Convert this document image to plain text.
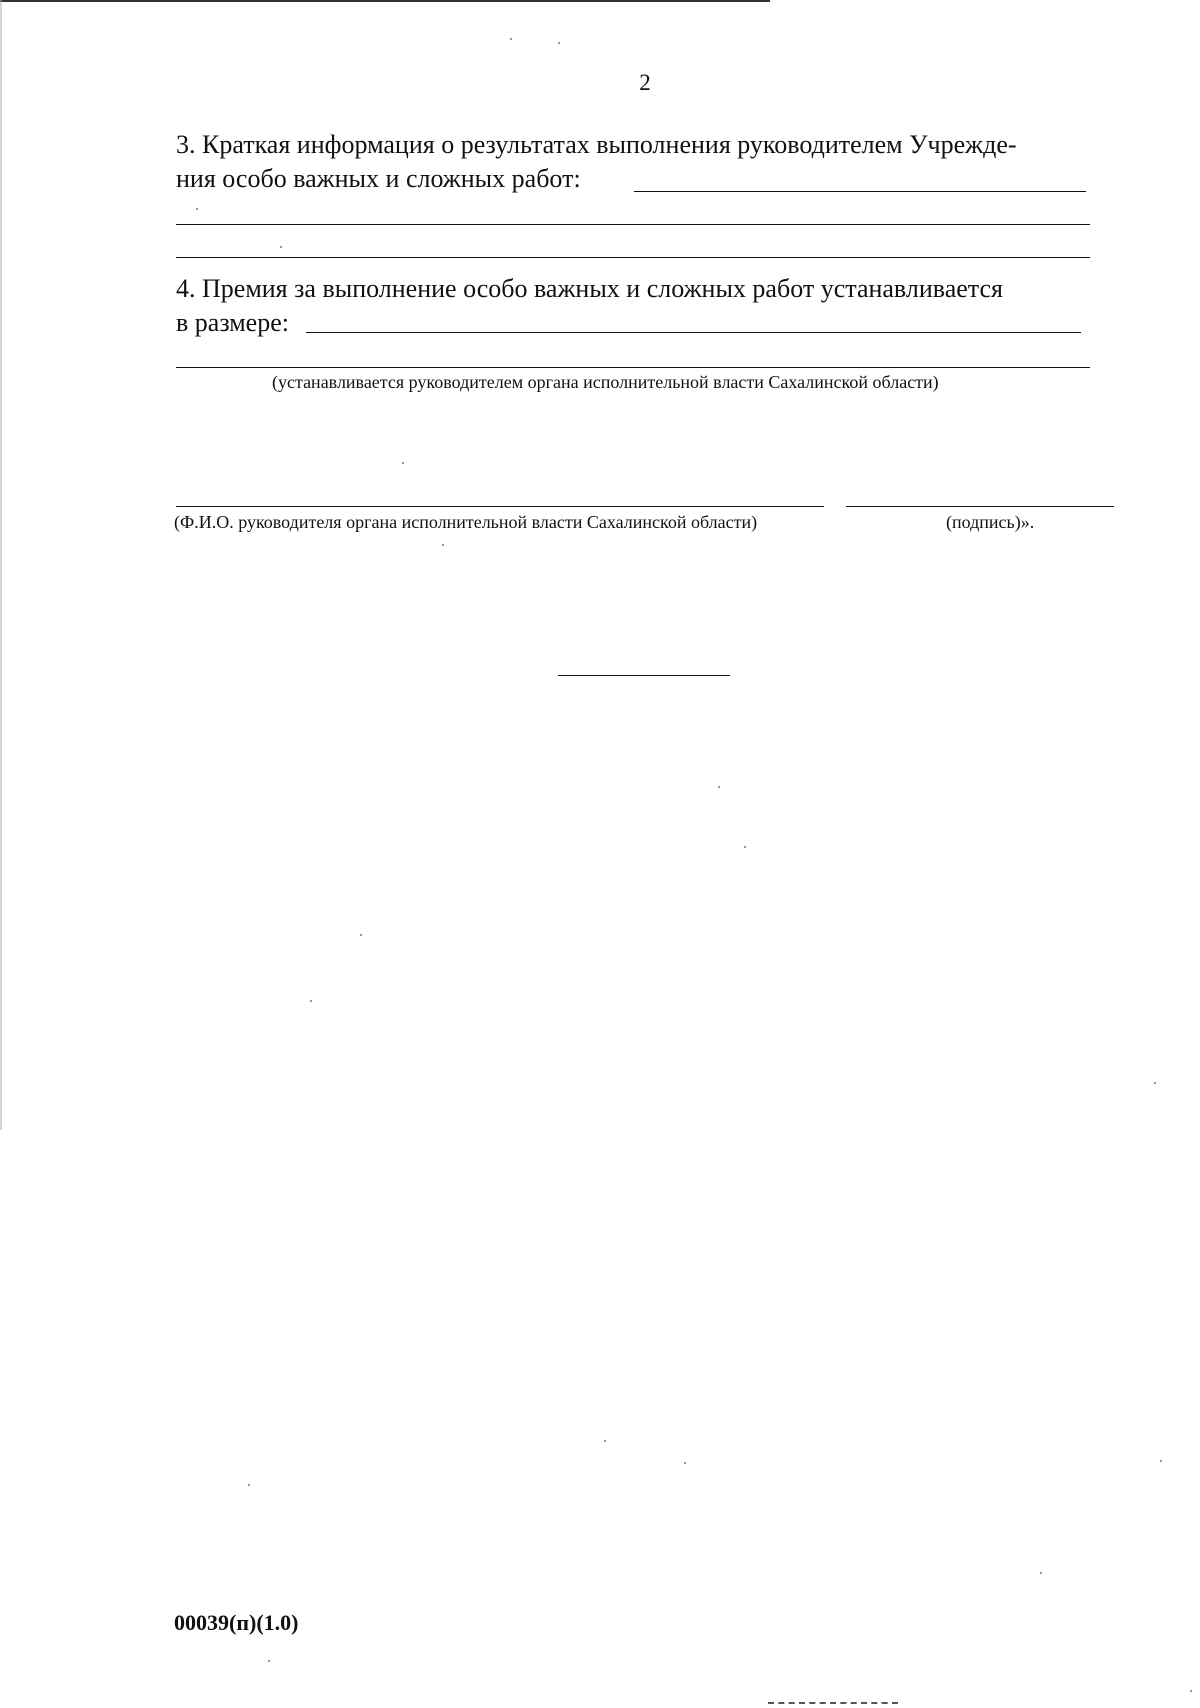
2
3. Краткая информация о результатах выполнения руководителем Учрежде-
ния особо важных и сложных работ:
4. Премия за выполнение особо важных и сложных работ устанавливается
в размере:
(устанавливается руководителем органа исполнительной власти Сахалинской области)
(Ф.И.О. руководителя органа исполнительной власти Сахалинской области)	(подпись)».
00039(п)(1.0)
